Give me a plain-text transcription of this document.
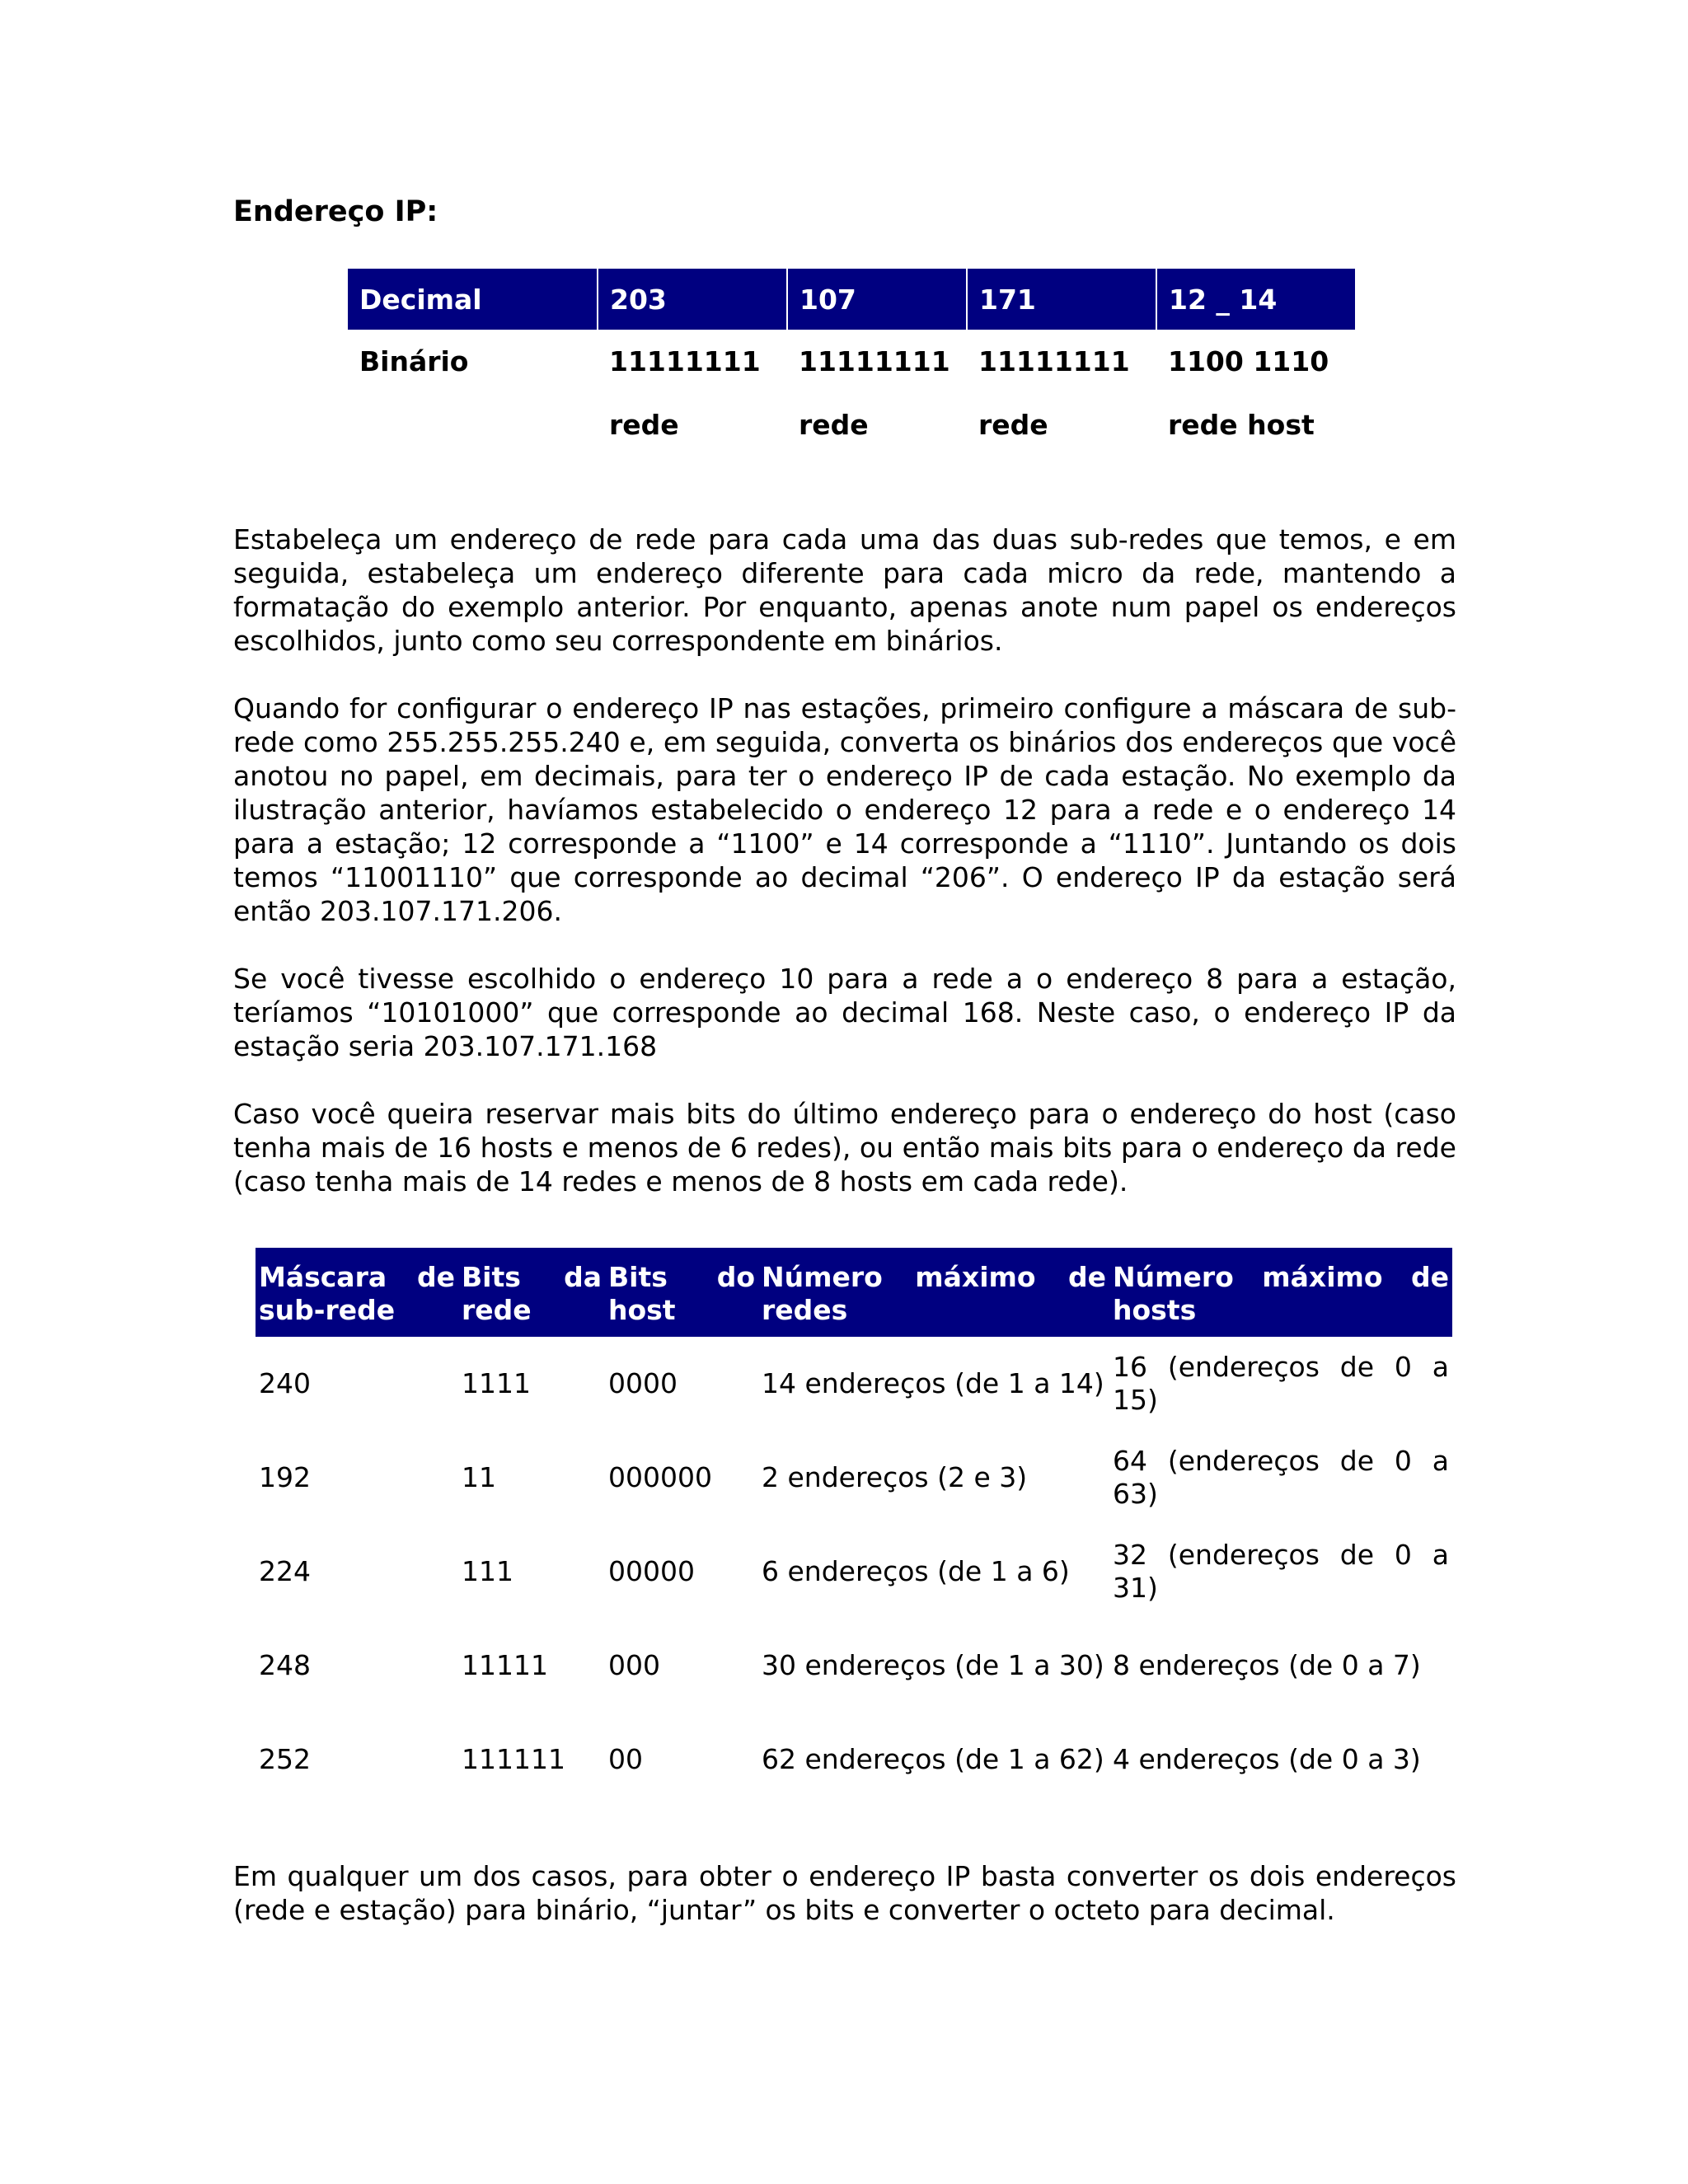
Endereço IP:
Decimal	203	107	171	12 _ 14
Binário	11111111	11111111	11111111	1100 1110
	rede	rede	rede	rede host

Estabeleça um endereço de rede para cada uma das duas sub-redes que temos, e em seguida, estabeleça um endereço diferente para cada micro da rede, mantendo a formatação do exemplo anterior. Por enquanto, apenas anote num papel os endereços escolhidos, junto como seu correspondente em binários.

Quando for configurar o endereço IP nas estações, primeiro configure a máscara de sub-rede como 255.255.255.240 e, em seguida, converta os binários dos endereços que você anotou no papel, em decimais, para ter o endereço IP de cada estação. No exemplo da ilustração anterior, havíamos estabelecido o endereço 12 para a rede e o endereço 14 para a estação; 12 corresponde a “1100” e 14 corresponde a “1110”. Juntando os dois temos “11001110” que corresponde ao decimal “206”. O endereço IP da estação será então 203.107.171.206.

Se você tivesse escolhido o endereço 10 para a rede a o endereço 8 para a estação, teríamos “10101000” que corresponde ao decimal 168. Neste caso, o endereço IP da estação seria 203.107.171.168

Caso você queira reservar mais bits do último endereço para o endereço do host (caso tenha mais de 16 hosts e menos de 6 redes), ou então mais bits para o endereço da rede (caso tenha mais de 14 redes e menos de 8 hosts em cada rede).

Máscara de sub-rede	Bits da rede	Bits do host	Número máximo de redes	Número máximo de hosts
240	1111	0000	14 endereços (de 1 a 14)	16 (endereços de 0 a 15)
192	11	000000	2 endereços (2 e 3)	64 (endereços de 0 a 63)
224	111	00000	6 endereços (de 1 a 6)	32 (endereços de 0 a 31)
248	11111	000	30 endereços (de 1 a 30)	8 endereços (de 0 a 7)
252	111111	00	62 endereços (de 1 a 62)	4 endereços (de 0 a 3)

Em qualquer um dos casos, para obter o endereço IP basta converter os dois endereços (rede e estação) para binário, “juntar” os bits e converter o octeto para decimal.
